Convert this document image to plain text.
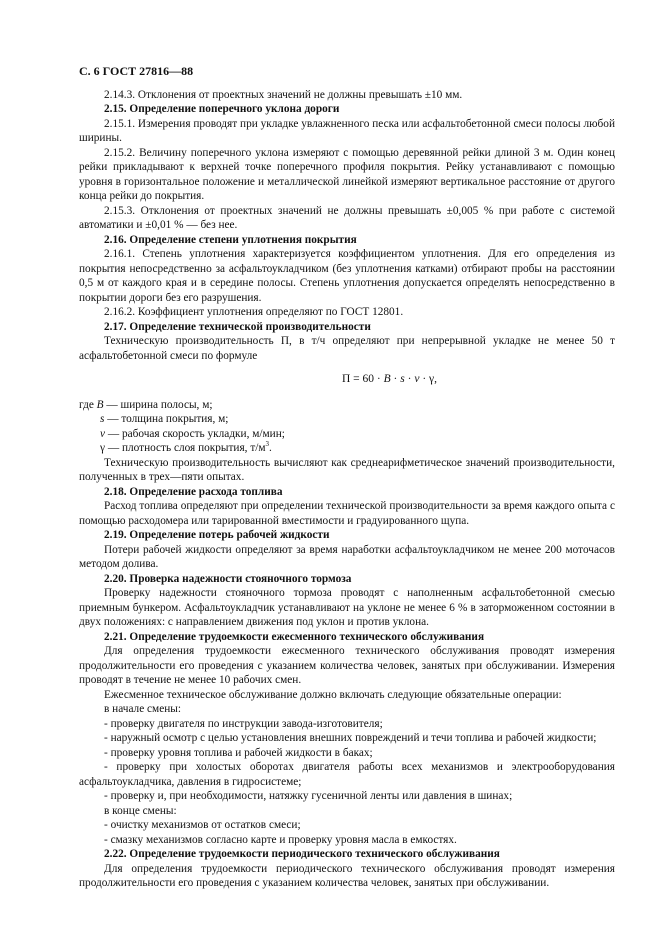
С. 6 ГОСТ 27816—88
2.14.3. Отклонения от проектных значений не должны превышать ±10 мм.
2.15. Определение поперечного уклона дороги
2.15.1. Измерения проводят при укладке увлажненного песка или асфальтобетонной смеси полосы любой ширины.
2.15.2. Величину поперечного уклона измеряют с помощью деревянной рейки длиной 3 м. Один конец рейки прикладывают к верхней точке поперечного профиля покрытия. Рейку устанавливают с помощью уровня в горизонтальное положение и металлической линейкой измеряют вертикальное расстояние от другого конца рейки до покрытия.
2.15.3. Отклонения от проектных значений не должны превышать ±0,005 % при работе с системой автоматики и ±0,01 % — без нее.
2.16. Определение степени уплотнения покрытия
2.16.1. Степень уплотнения характеризуется коэффициентом уплотнения. Для его определения из покрытия непосредственно за асфальтоукладчиком (без уплотнения катками) отбирают пробы на расстоянии 0,5 м от каждого края и в середине полосы. Степень уплотнения допускается определять непосредственно в покрытии дороги без его разрушения.
2.16.2. Коэффициент уплотнения определяют по ГОСТ 12801.
2.17. Определение технической производительности
Техническую производительность П, в т/ч определяют при непрерывной укладке не менее 50 т асфальтобетонной смеси по формуле
П = 60 · B · s · v · γ,
где B — ширина полосы, м;
s — толщина покрытия, м;
v — рабочая скорость укладки, м/мин;
γ — плотность слоя покрытия, $т/м^3$.
Техническую производительность вычисляют как среднеарифметическое значений производительности, полученных в трех—пяти опытах.
2.18. Определение расхода топлива
Расход топлива определяют при определении технической производительности за время каждого опыта с помощью расходомера или тарированной вместимости и градуированного щупа.
2.19. Определение потерь рабочей жидкости
Потери рабочей жидкости определяют за время наработки асфальтоукладчиком не менее 200 моточасов методом долива.
2.20. Проверка надежности стояночного тормоза
Проверку надежности стояночного тормоза проводят с наполненным асфальтобетонной смесью приемным бункером. Асфальтоукладчик устанавливают на уклоне не менее 6 % в заторможенном состоянии в двух положениях: с направлением движения под уклон и против уклона.
2.21. Определение трудоемкости ежесменного технического обслуживания
Для определения трудоемкости ежесменного технического обслуживания проводят измерения продолжительности его проведения с указанием количества человек, занятых при обслуживании. Измерения проводят в течение не менее 10 рабочих смен.
Ежесменное техническое обслуживание должно включать следующие обязательные операции:
в начале смены:
- проверку двигателя по инструкции завода-изготовителя;
- наружный осмотр с целью установления внешних повреждений и течи топлива и рабочей жидкости;
- проверку уровня топлива и рабочей жидкости в баках;
- проверку при холостых оборотах двигателя работы всех механизмов и электрооборудования асфальтоукладчика, давления в гидросистеме;
- проверку и, при необходимости, натяжку гусеничной ленты или давления в шинах;
в конце смены:
- очистку механизмов от остатков смеси;
- смазку механизмов согласно карте и проверку уровня масла в емкостях.
2.22. Определение трудоемкости периодического технического обслуживания
Для определения трудоемкости периодического технического обслуживания проводят измерения продолжительности его проведения с указанием количества человек, занятых при обслуживании.
